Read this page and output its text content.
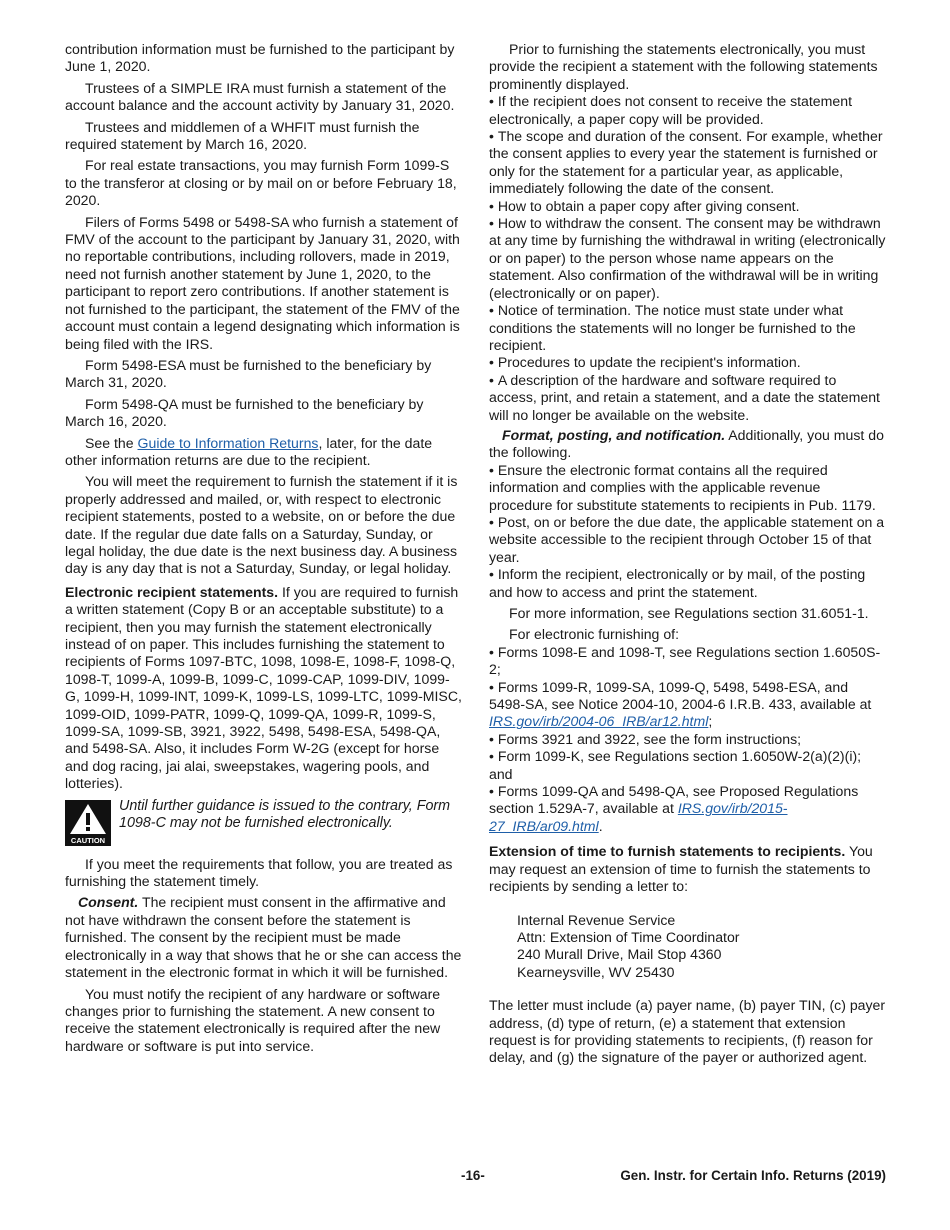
contribution information must be furnished to the participant by June 1, 2020.

Trustees of a SIMPLE IRA must furnish a statement of the account balance and the account activity by January 31, 2020.

Trustees and middlemen of a WHFIT must furnish the required statement by March 16, 2020.

For real estate transactions, you may furnish Form 1099-S to the transferor at closing or by mail on or before February 18, 2020.

Filers of Forms 5498 or 5498-SA who furnish a statement of FMV of the account to the participant by January 31, 2020, with no reportable contributions, including rollovers, made in 2019, need not furnish another statement by June 1, 2020, to the participant to report zero contributions. If another statement is not furnished to the participant, the statement of the FMV of the account must contain a legend designating which information is being filed with the IRS.

Form 5498-ESA must be furnished to the beneficiary by March 31, 2020.

Form 5498-QA must be furnished to the beneficiary by March 16, 2020.

See the Guide to Information Returns, later, for the date other information returns are due to the recipient.

You will meet the requirement to furnish the statement if it is properly addressed and mailed, or, with respect to electronic recipient statements, posted to a website, on or before the due date. If the regular due date falls on a Saturday, Sunday, or legal holiday, the due date is the next business day. A business day is any day that is not a Saturday, Sunday, or legal holiday.

Electronic recipient statements. If you are required to furnish a written statement (Copy B or an acceptable substitute) to a recipient, then you may furnish the statement electronically instead of on paper. This includes furnishing the statement to recipients of Forms 1097-BTC, 1098, 1098-E, 1098-F, 1098-Q, 1098-T, 1099-A, 1099-B, 1099-C, 1099-CAP, 1099-DIV, 1099-G, 1099-H, 1099-INT, 1099-K, 1099-LS, 1099-LTC, 1099-MISC, 1099-OID, 1099-PATR, 1099-Q, 1099-QA, 1099-R, 1099-S, 1099-SA, 1099-SB, 3921, 3922, 5498, 5498-ESA, 5498-QA, and 5498-SA. Also, it includes Form W-2G (except for horse and dog racing, jai alai, sweepstakes, wagering pools, and lotteries).

CAUTION
Until further guidance is issued to the contrary, Form 1098-C may not be furnished electronically.

If you meet the requirements that follow, you are treated as furnishing the statement timely.

Consent. The recipient must consent in the affirmative and not have withdrawn the consent before the statement is furnished. The consent by the recipient must be made electronically in a way that shows that he or she can access the statement in the electronic format in which it will be furnished.

You must notify the recipient of any hardware or software changes prior to furnishing the statement. A new consent to receive the statement electronically is required after the new hardware or software is put into service.

Prior to furnishing the statements electronically, you must provide the recipient a statement with the following statements prominently displayed.

• If the recipient does not consent to receive the statement electronically, a paper copy will be provided.

• The scope and duration of the consent. For example, whether the consent applies to every year the statement is furnished or only for the statement for a particular year, as applicable, immediately following the date of the consent.

• How to obtain a paper copy after giving consent.

• How to withdraw the consent. The consent may be withdrawn at any time by furnishing the withdrawal in writing (electronically or on paper) to the person whose name appears on the statement. Also confirmation of the withdrawal will be in writing (electronically or on paper).

• Notice of termination. The notice must state under what conditions the statements will no longer be furnished to the recipient.

• Procedures to update the recipient's information.

• A description of the hardware and software required to access, print, and retain a statement, and a date the statement will no longer be available on the website.

Format, posting, and notification. Additionally, you must do the following.

• Ensure the electronic format contains all the required information and complies with the applicable revenue procedure for substitute statements to recipients in Pub. 1179.

• Post, on or before the due date, the applicable statement on a website accessible to the recipient through October 15 of that year.

• Inform the recipient, electronically or by mail, of the posting and how to access and print the statement.

For more information, see Regulations section 31.6051-1.

For electronic furnishing of:

• Forms 1098-E and 1098-T, see Regulations section 1.6050S-2;

• Forms 1099-R, 1099-SA, 1099-Q, 5498, 5498-ESA, and 5498-SA, see Notice 2004-10, 2004-6 I.R.B. 433, available at IRS.gov/irb/2004-06_IRB/ar12.html;

• Forms 3921 and 3922, see the form instructions;

• Form 1099-K, see Regulations section 1.6050W-2(a)(2)(i); and

• Forms 1099-QA and 5498-QA, see Proposed Regulations section 1.529A-7, available at IRS.gov/irb/2015-27_IRB/ar09.html.

Extension of time to furnish statements to recipients. You may request an extension of time to furnish the statements to recipients by sending a letter to:

Internal Revenue Service
Attn: Extension of Time Coordinator
240 Murall Drive, Mail Stop 4360
Kearneysville, WV 25430

The letter must include (a) payer name, (b) payer TIN, (c) payer address, (d) type of return, (e) a statement that extension request is for providing statements to recipients, (f) reason for delay, and (g) the signature of the payer or authorized agent.

-16-	Gen. Instr. for Certain Info. Returns (2019)
